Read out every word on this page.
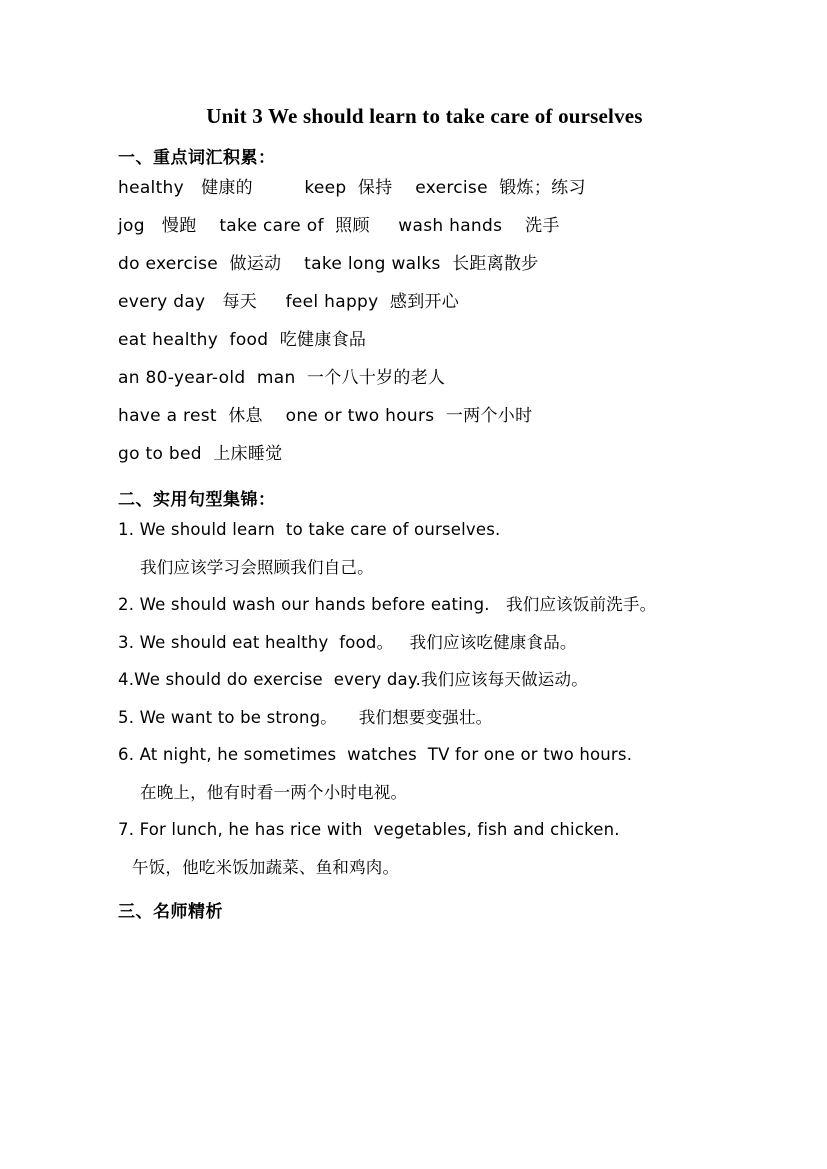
Unit 3 We should learn to take care of ourselves
一、重点词汇积累：
healthy   健康的         keep  保持    exercise  锻炼；练习
jog   慢跑    take care of  照顾     wash hands    洗手
do exercise  做运动    take long walks  长距离散步
every day   每天     feel happy  感到开心
eat healthy  food  吃健康食品
an 80-year-old  man  一个八十岁的老人
have a rest  休息    one or two hours  一两个小时
go to bed  上床睡觉
二、实用句型集锦：
1. We should learn  to take care of ourselves.
我们应该学习会照顾我们自己。
2. We should wash our hands before eating.   我们应该饭前洗手。
3. We should eat healthy  food。   我们应该吃健康食品。
4.We should do exercise  every day.我们应该每天做运动。
5. We want to be strong。    我们想要变强壮。
6. At night, he sometimes  watches  TV for one or two hours.
在晚上，他有时看一两个小时电视。
7. For lunch, he has rice with  vegetables, fish and chicken.
午饭，他吃米饭加蔬菜、鱼和鸡肉。
三、名师精析
